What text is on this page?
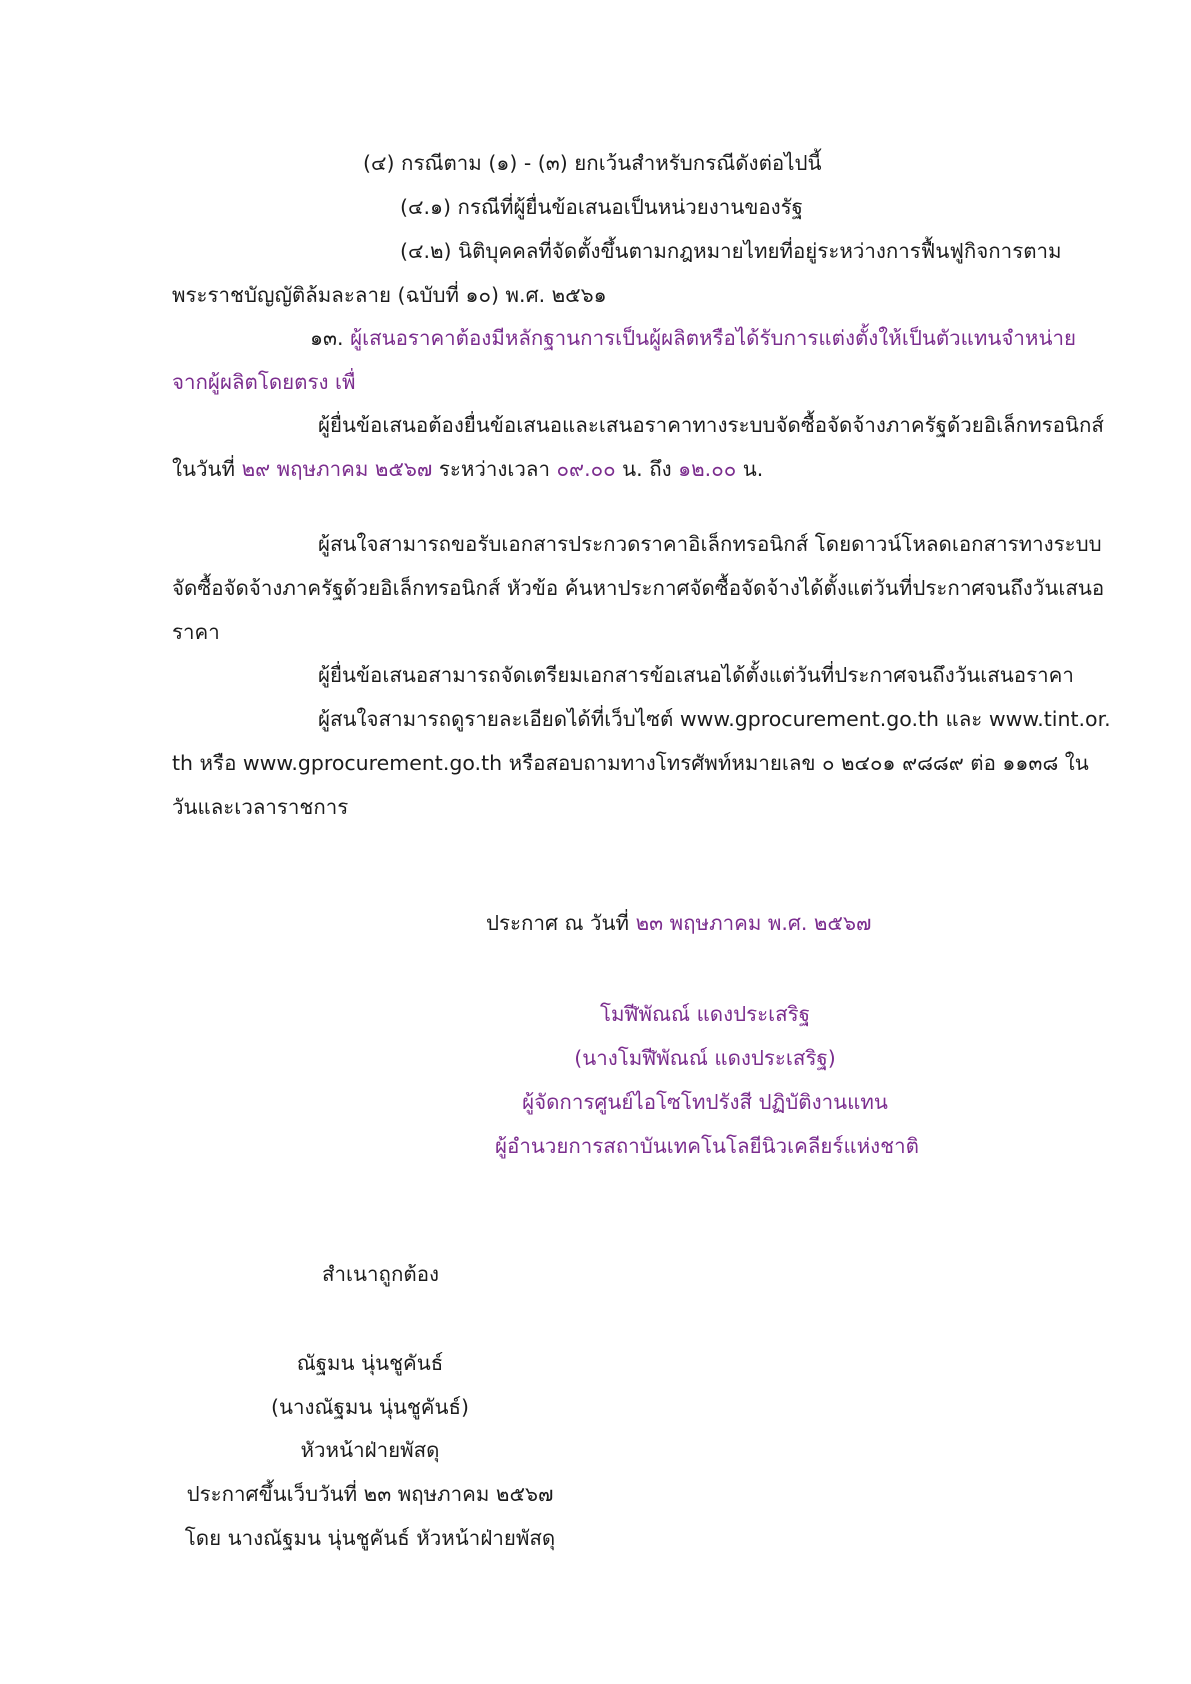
(๔) กรณีตาม (๑) - (๓) ยกเว้นสำหรับกรณีดังต่อไปนี้
(๔.๑) กรณีที่ผู้ยื่นข้อเสนอเป็นหน่วยงานของรัฐ
(๔.๒) นิติบุคคลที่จัดตั้งขึ้นตามกฎหมายไทยที่อยู่ระหว่างการฟื้นฟูกิจการตาม
พระราชบัญญัติล้มละลาย (ฉบับที่ ๑๐) พ.ศ. ๒๕๖๑
๑๓. ผู้เสนอราคาต้องมีหลักฐานการเป็นผู้ผลิตหรือได้รับการแต่งตั้งให้เป็นตัวแทนจำหน่าย
จากผู้ผลิตโดยตรง เพื่
ผู้ยื่นข้อเสนอต้องยื่นข้อเสนอและเสนอราคาทางระบบจัดซื้อจัดจ้างภาครัฐด้วยอิเล็กทรอนิกส์
ในวันที่ ๒๙ พฤษภาคม ๒๕๖๗ ระหว่างเวลา ๐๙.๐๐ น. ถึง ๑๒.๐๐ น.
ผู้สนใจสามารถขอรับเอกสารประกวดราคาอิเล็กทรอนิกส์ โดยดาวน์โหลดเอกสารทางระบบ
จัดซื้อจัดจ้างภาครัฐด้วยอิเล็กทรอนิกส์ หัวข้อ ค้นหาประกาศจัดซื้อจัดจ้างได้ตั้งแต่วันที่ประกาศจนถึงวันเสนอ
ราคา
ผู้ยื่นข้อเสนอสามารถจัดเตรียมเอกสารข้อเสนอได้ตั้งแต่วันที่ประกาศจนถึงวันเสนอราคา
ผู้สนใจสามารถดูรายละเอียดได้ที่เว็บไซต์ www.gprocurement.go.th และ www.tint.or.
th หรือ www.gprocurement.go.th หรือสอบถามทางโทรศัพท์หมายเลข ๐ ๒๔๐๑ ๙๘๘๙ ต่อ ๑๑๓๘ ใน
วันและเวลาราชการ
ประกาศ ณ วันที่ ๒๓ พฤษภาคม พ.ศ. ๒๕๖๗
โมฬีพัณณ์ แดงประเสริฐ
(นางโมฬีพัณณ์ แดงประเสริฐ)
ผู้จัดการศูนย์ไอโซโทปรังสี ปฏิบัติงานแทน
ผู้อำนวยการสถาบันเทคโนโลยีนิวเคลียร์แห่งชาติ
สำเนาถูกต้อง
ณัฐมน นุ่นชูคันธ์
(นางณัฐมน นุ่นชูคันธ์)
หัวหน้าฝ่ายพัสดุ
ประกาศขึ้นเว็บวันที่ ๒๓ พฤษภาคม ๒๕๖๗
โดย นางณัฐมน นุ่นชูคันธ์ หัวหน้าฝ่ายพัสดุ
